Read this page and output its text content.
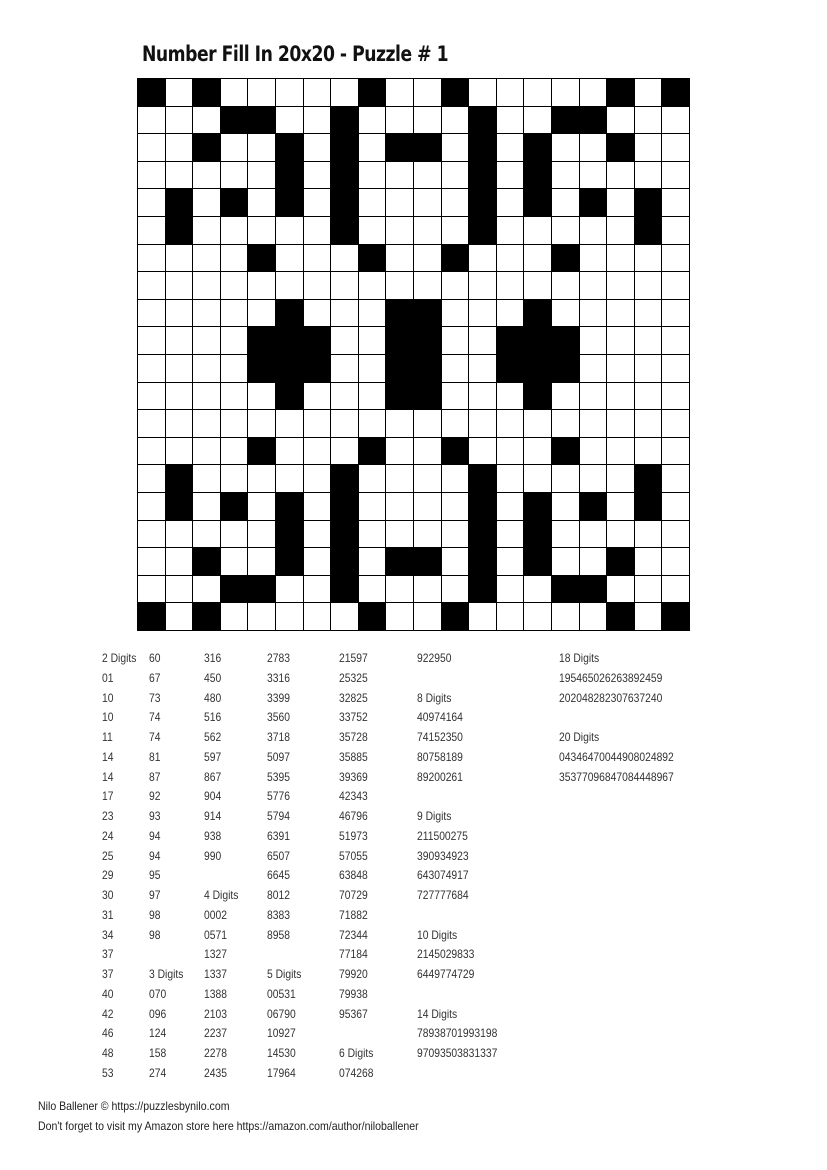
Number Fill In 20x20 - Puzzle # 1
2 Digits
01
10
10
11
14
14
17
23
24
25
29
30
31
34
37
37
40
42
46
48
53
60
67
73
74
74
81
87
92
93
94
94
95
97
98
98
3 Digits
070
096
124
158
274
316
450
480
516
562
597
867
904
914
938
990
4 Digits
0002
0571
1327
1337
1388
2103
2237
2278
2435
2783
3316
3399
3560
3718
5097
5395
5776
5794
6391
6507
6645
8012
8383
8958
5 Digits
00531
06790
10927
14530
17964
21597
25325
32825
33752
35728
35885
39369
42343
46796
51973
57055
63848
70729
71882
72344
77184
79920
79938
95367
6 Digits
074268
922950
8 Digits
40974164
74152350
80758189
89200261
9 Digits
211500275
390934923
643074917
727777684
10 Digits
2145029833
6449774729
14 Digits
78938701993198
97093503831337
18 Digits
195465026263892459
202048282307637240
20 Digits
04346470044908024892
35377096847084448967
Nilo Ballener © https://puzzlesbynilo.com
Don't forget to visit my Amazon store here https://amazon.com/author/niloballener
